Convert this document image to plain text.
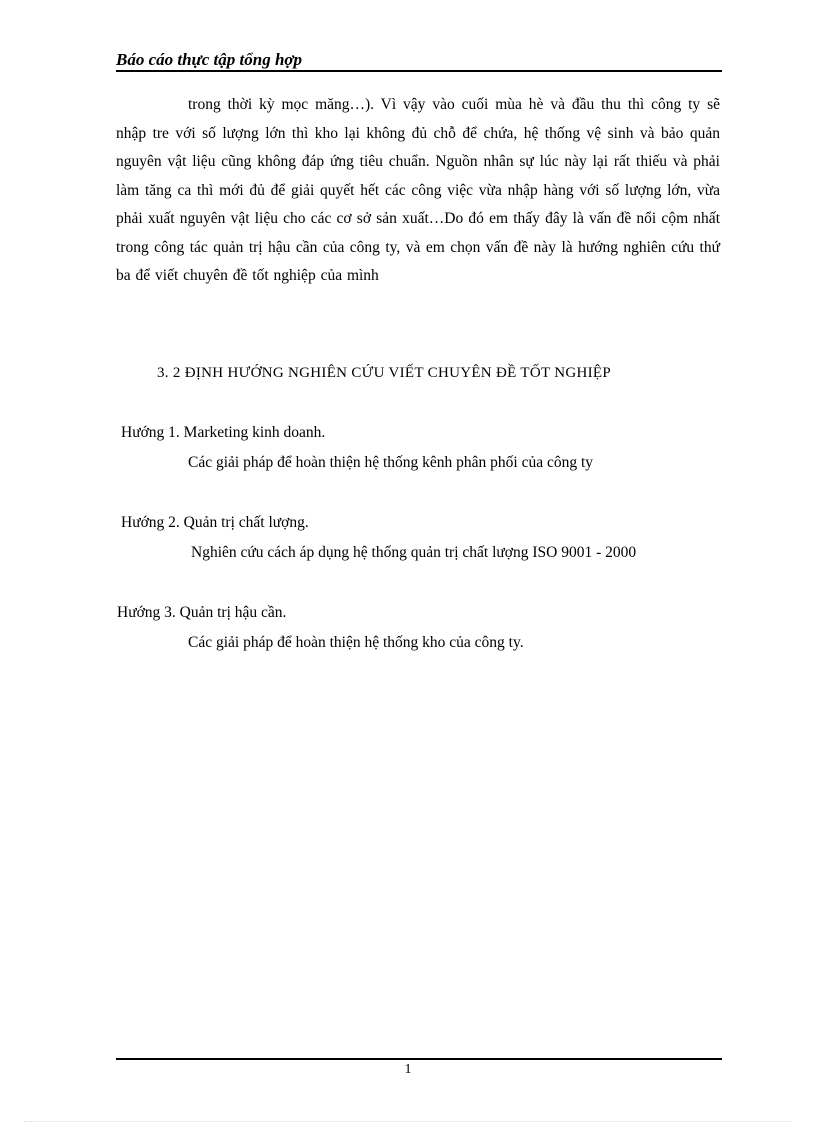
Báo cáo thực tập tổng hợp

trong thời kỳ mọc măng…). Vì vậy vào cuối mùa hè và đầu thu thì công ty sẽ nhập tre với số lượng lớn thì kho lại không đủ chỗ để chứa, hệ thống vệ sinh và bảo quản nguyên vật liệu cũng không đáp ứng tiêu chuẩn. Nguồn nhân sự lúc này lại rất thiếu và phải làm tăng ca thì mới đủ để giải quyết hết các công việc vừa nhập hàng với số lượng lớn, vừa phải xuất nguyên vật liệu cho các cơ sở sản xuất…Do đó em thấy đây là vấn đề nổi cộm nhất trong công tác quản trị hậu cần của công ty, và em chọn vấn đề này là hướng nghiên cứu thứ ba để viết chuyên đề tốt nghiệp của mình

3. 2 ĐỊNH HƯỚNG NGHIÊN CỨU VIẾT CHUYÊN ĐỀ TỐT NGHIỆP
Hướng 1. Marketing kinh doanh.
Các giải pháp để hoàn thiện hệ thống kênh phân phối của công ty
Hướng 2. Quản trị chất lượng.
Nghiên cứu cách áp dụng hệ thống quản trị chất lượng ISO 9001 - 2000
Hướng 3. Quản trị hậu cần.
Các giải pháp để hoàn thiện hệ thống kho của công ty.
1
